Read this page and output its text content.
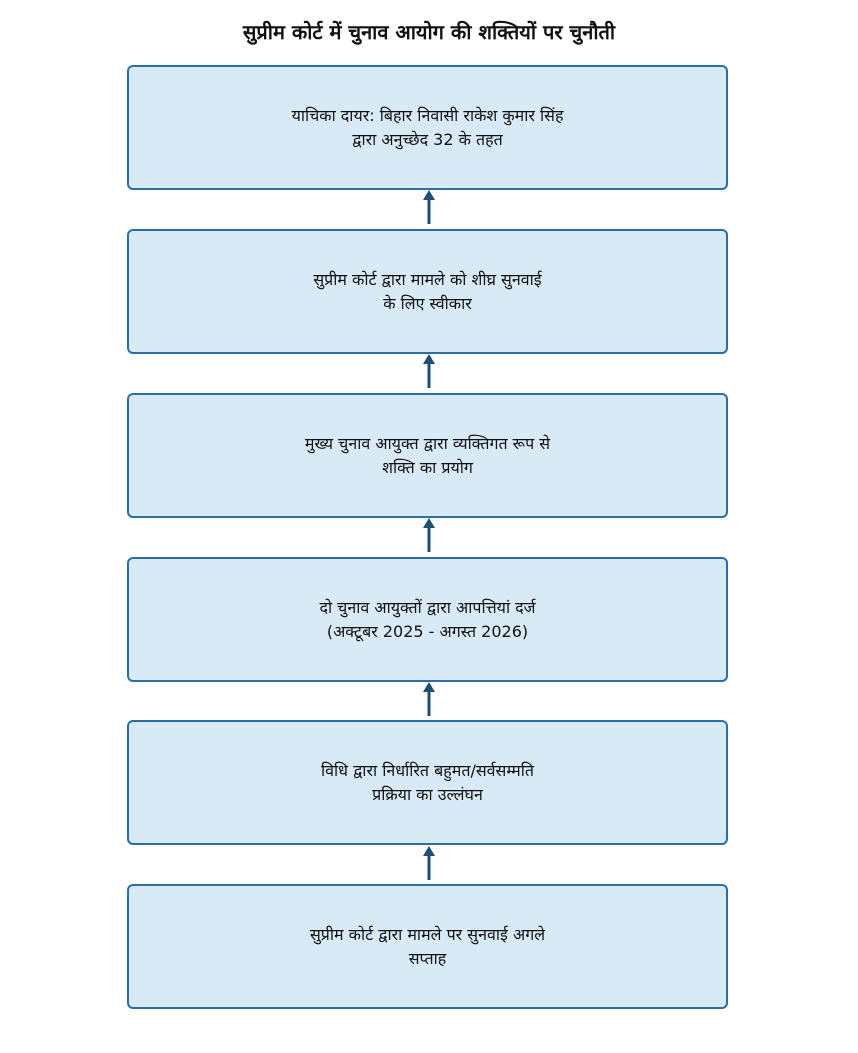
सुप्रीम कोर्ट में चुनाव आयोग की शक्तियों पर चुनौती
याचिका दायर: बिहार निवासी राकेश कुमार सिंह
द्वारा अनुच्छेद 32 के तहत
सुप्रीम कोर्ट द्वारा मामले को शीघ्र सुनवाई
के लिए स्वीकार
मुख्य चुनाव आयुक्त द्वारा व्यक्तिगत रूप से
शक्ति का प्रयोग
दो चुनाव आयुक्तों द्वारा आपत्तियां दर्ज
(अक्टूबर 2025 - अगस्त 2026)
विधि द्वारा निर्धारित बहुमत/सर्वसम्मति
प्रक्रिया का उल्लंघन
सुप्रीम कोर्ट द्वारा मामले पर सुनवाई अगले
सप्ताह
